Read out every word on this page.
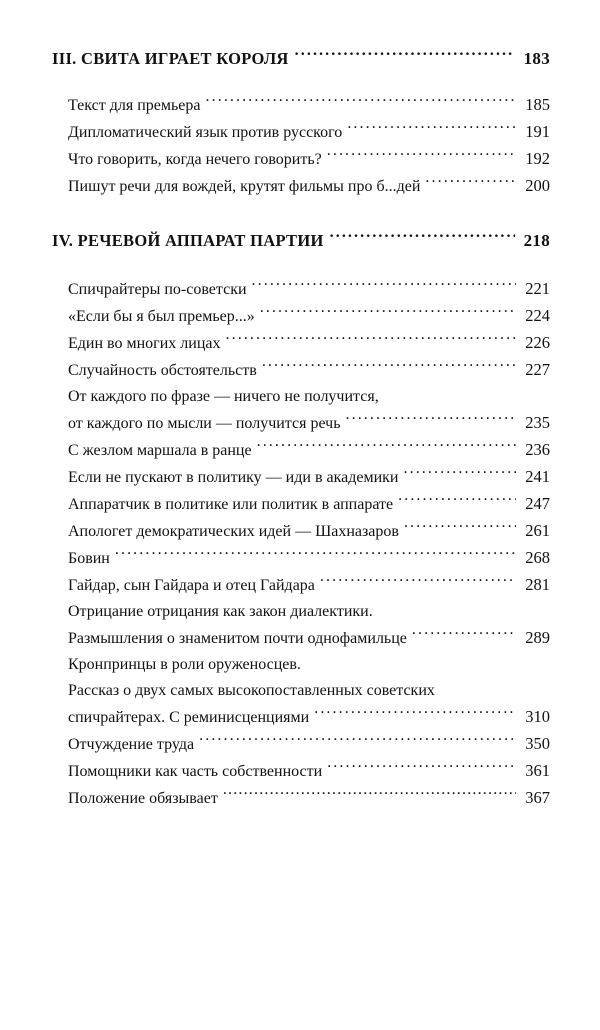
III. СВИТА ИГРАЕТ КОРОЛЯ .....	183
Текст для премьера .....	185
Дипломатический язык против русского .....	191
Что говорить, когда нечего говорить? .....	192
Пишут речи для вождей, крутят фильмы про б...дей .....	200
IV. РЕЧЕВОЙ АППАРАТ ПАРТИИ .....	218
Спичрайтеры по-советски .....	221
«Если бы я был премьер...» .....	224
Един во многих лицах .....	226
Случайность обстоятельств .....	227
От каждого по фразе — ничего не получится,
от каждого по мысли — получится речь .....	235
С жезлом маршала в ранце .....	236
Если не пускают в политику — иди в академики .....	241
Аппаратчик в политике или политик в аппарате .....	247
Апологет демократических идей — Шахназаров .....	261
Бовин .....	268
Гайдар, сын Гайдара и отец Гайдара .....	281
Отрицание отрицания как закон диалектики.
Размышления о знаменитом почти однофамильце .....	289
Кронпринцы в роли оруженосцев.
Рассказ о двух самых высокопоставленных советских
спичрайтерах. С реминисценциями .....	310
Отчуждение труда .....	350
Помощники как часть собственности .....	361
Положение обязывает .....	367
